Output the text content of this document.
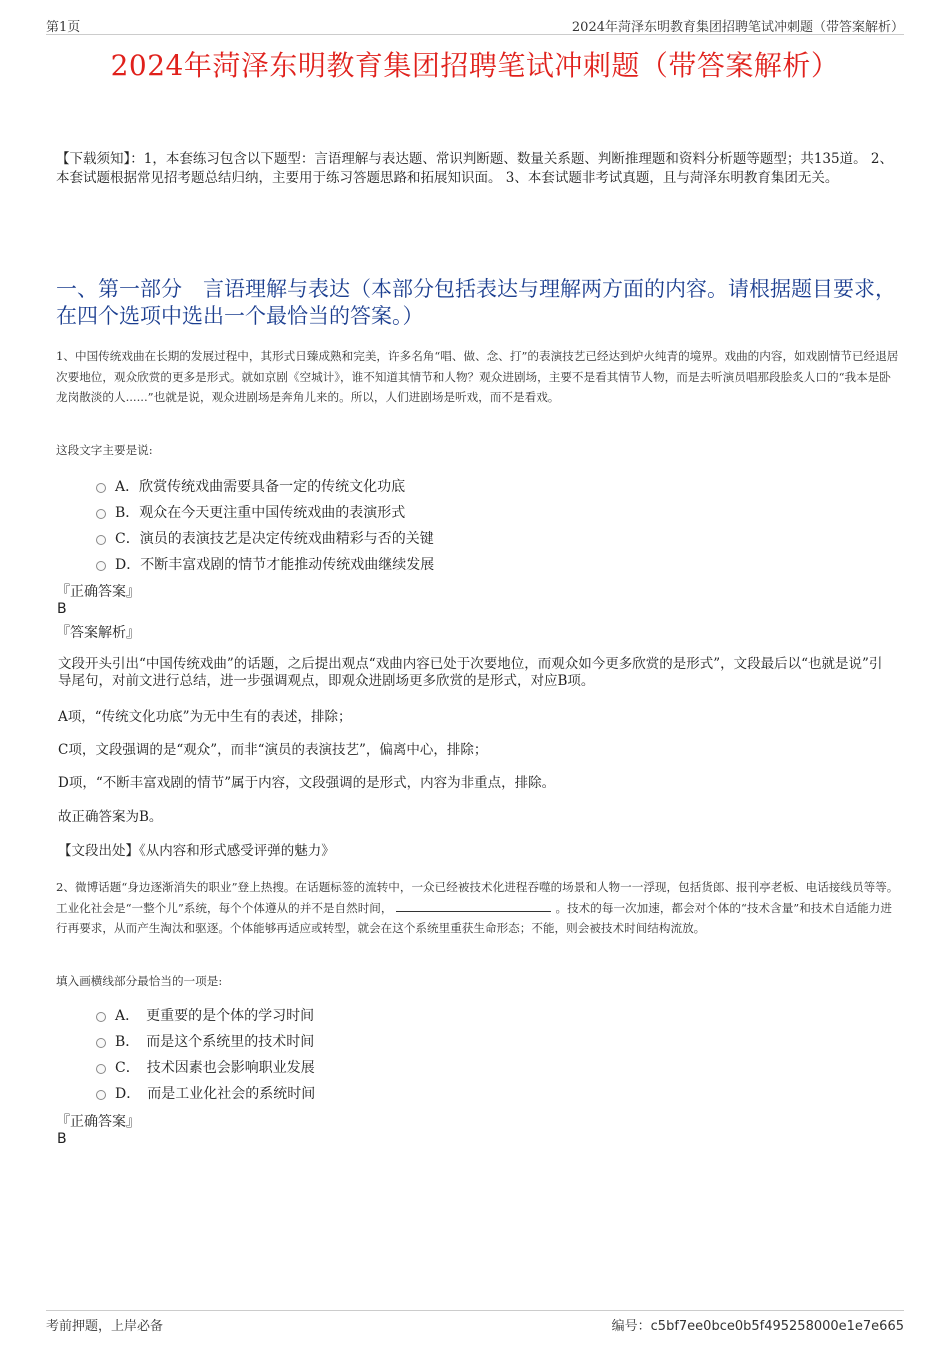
第1页	2024年菏泽东明教育集团招聘笔试冲刺题（带答案解析）
2024年菏泽东明教育集团招聘笔试冲刺题（带答案解析）
【下载须知】：1，本套练习包含以下题型：言语理解与表达题、常识判断题、数量关系题、判断推理题和资料分析题等题型；共135道。 2、本套试题根据常见招考题总结归纳，主要用于练习答题思路和拓展知识面。 3、本套试题非考试真题，且与菏泽东明教育集团无关。
一、第一部分　言语理解与表达（本部分包括表达与理解两方面的内容。请根据题目要求，在四个选项中选出一个最恰当的答案。）
1、中国传统戏曲在长期的发展过程中，其形式日臻成熟和完美，许多名角“唱、做、念、打”的表演技艺已经达到炉火纯青的境界。戏曲的内容，如戏剧情节已经退居次要地位，观众欣赏的更多是形式。就如京剧《空城计》，谁不知道其情节和人物？观众进剧场，主要不是看其情节人物，而是去听演员唱那段脍炙人口的“我本是卧龙岗散淡的人......”也就是说，观众进剧场是奔角儿来的。所以，人们进剧场是听戏，而不是看戏。
这段文字主要是说:
A．欣赏传统戏曲需要具备一定的传统文化功底
B．观众在今天更注重中国传统戏曲的表演形式
C．演员的表演技艺是决定传统戏曲精彩与否的关键
D．不断丰富戏剧的情节才能推动传统戏曲继续发展
『正确答案』
B
『答案解析』
文段开头引出“中国传统戏曲”的话题，之后提出观点“戏曲内容已处于次要地位，而观众如今更多欣赏的是形式”，文段最后以“也就是说”引导尾句，对前文进行总结，进一步强调观点，即观众进剧场更多欣赏的是形式，对应B项。
A项，“传统文化功底”为无中生有的表述，排除；
C项，文段强调的是“观众”，而非“演员的表演技艺”，偏离中心，排除；
D项，“不断丰富戏剧的情节”属于内容，文段强调的是形式，内容为非重点，排除。
故正确答案为B。
【文段出处】《从内容和形式感受评弹的魅力》
2、微博话题“身边逐渐消失的职业”登上热搜。在话题标签的流转中，一众已经被技术化进程吞噬的场景和人物一一浮现，包括货郎、报刊亭老板、电话接线员等等。工业化社会是“一整个儿”系统，每个个体遵从的并不是自然时间，	。技术的每一次加速，都会对个体的“技术含量”和技术自适能力进行再要求，从而产生淘汰和驱逐。个体能够再适应或转型，就会在这个系统里重获生命形态；不能，则会被技术时间结构流放。
填入画横线部分最恰当的一项是:
A．　更重要的是个体的学习时间
B．　而是这个系统里的技术时间
C．　技术因素也会影响职业发展
D．　而是工业化社会的系统时间
『正确答案』
B
考前押题，上岸必备	编号：c5bf7ee0bce0b5f495258000e1e7e665
